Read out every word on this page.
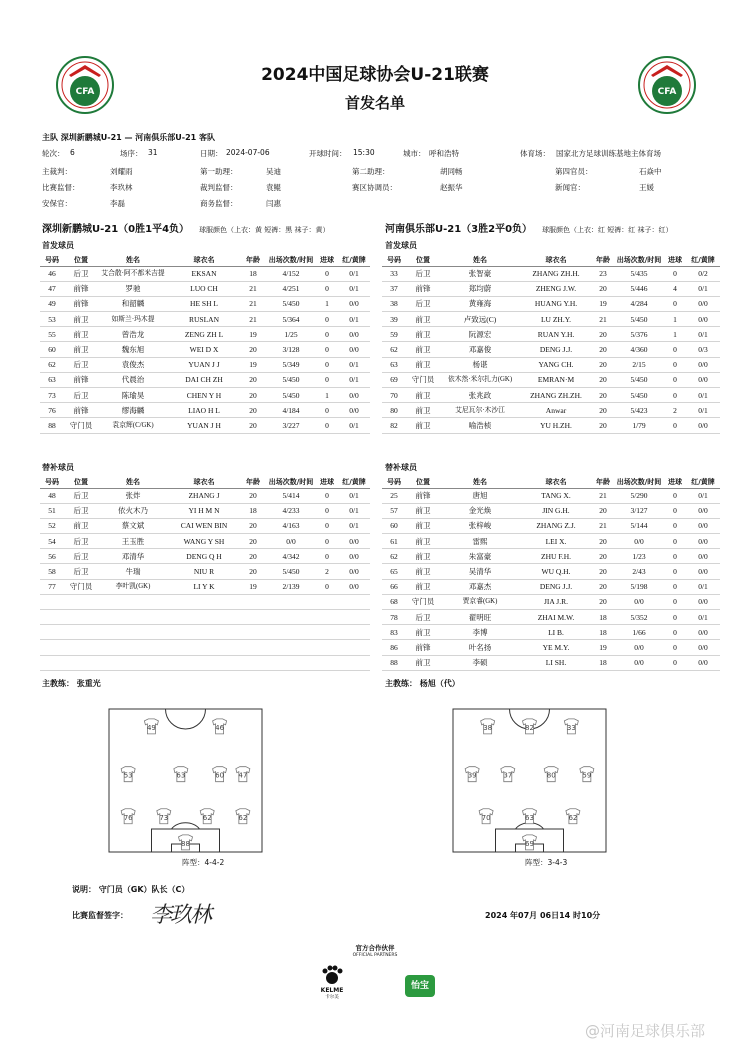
CFA	CFA
2024中国足球协会U-21联赛
首发名单
主队 深圳新鹏城U-21 — 河南俱乐部U-21 客队
轮次： 6	场序： 31	日期： 2024-07-06	开球时间： 15:30	城市： 呼和浩特	体育场： 国家北方足球训练基地主体育场
主裁判：	刘耀雨	第一助理：	吴迪	第二助理：	胡同畅	第四官员：	石焱中
比赛监督：	李玖林	裁判监督：	袁鲲	赛区协调员：	赵振华	新闻官：	王媛
安保官：	李磊	商务监督：	闫惠
深圳新鹏城U-21（0胜1平4负） 球服颜色（上衣：黄 短裤：黑 袜子：黄）	河南俱乐部U-21（3胜2平0负） 球服颜色（上衣：红 短裤：红 袜子：红）
首发球员	首发球员
号码	位置	姓名	球衣名	年龄	出场次数/时间	进球	红/黄牌
46	后卫	艾合散·阿不都米吉提	EKSAN	18	4/152	0	0/1
47	前锋	罗驰	LUO CH	21	4/251	0	0/1
49	前锋	和韶麟	HE SH L	21	5/450	1	0/0
53	前卫	如斯兰·玛木提	RUSLAN	21	5/364	0	0/1
55	前卫	曾浩龙	ZENG ZH L	19	1/25	0	0/0
60	前卫	魏东旭	WEI D X	20	3/128	0	0/0
62	后卫	袁俊杰	YUAN J J	19	5/349	0	0/1
63	前锋	代晨治	DAI CH ZH	20	5/450	0	0/1
73	后卫	陈瑜昊	CHEN Y H	20	5/450	1	0/0
76	前锋	缪海麟	LIAO H L	20	4/184	0	0/0
88	守门员	袁京辉(C/GK)	YUAN J H	20	3/227	0	0/1
号码	位置	姓名	球衣名	年龄	出场次数/时间	进球	红/黄牌
33	后卫	张智豪	ZHANG ZH.H.	23	5/435	0	0/2
37	前锋	郑均蔚	ZHENG J.W.	20	5/446	4	0/1
38	后卫	黄雍海	HUANG Y.H.	19	4/284	0	0/0
39	前卫	卢致远(C)	LU ZH.Y.	21	5/450	1	0/0
59	前卫	阮源宏	RUAN Y.H.	20	5/376	1	0/1
62	前卫	邓嘉俊	DENG J.J.	20	4/360	0	0/3
63	前卫	杨谌	YANG CH.	20	2/15	0	0/0
69	守门员	依木然·米尔扎力(GK)	EMRAN·M	20	5/450	0	0/0
70	前卫	张兆政	ZHANG ZH.ZH.	20	5/450	0	0/1
80	前卫	艾尼瓦尔·木沙江	Anwar	20	5/423	2	0/1
82	前卫	喻浩桢	YU H.ZH.	20	1/79	0	0/0
替补球员	替补球员
号码	位置	姓名	球衣名	年龄	出场次数/时间	进球	红/黄牌
48	后卫	张炸	ZHANG J	20	5/414	0	0/1
51	后卫	依火木乃	YI H M N	18	4/233	0	0/1
52	前卫	蔡文斌	CAI WEN BIN	20	4/163	0	0/1
54	后卫	王玉胜	WANG Y SH	20	0/0	0	0/0
56	后卫	邓清华	DENG Q H	20	4/342	0	0/0
58	后卫	牛瑞	NIU R	20	5/450	2	0/0
77	守门员	李叶凯(GK)	LI Y K	19	2/139	0	0/0

号码	位置	姓名	球衣名	年龄	出场次数/时间	进球	红/黄牌
25	前锋	唐旭	TANG X.	21	5/290	0	0/1
57	前卫	金光焕	JIN G.H.	20	3/127	0	0/0
60	前卫	张梓峻	ZHANG Z.J.	21	5/144	0	0/0
61	前卫	雷熙	LEI X.	20	0/0	0	0/0
62	前卫	朱富豪	ZHU F.H.	20	1/23	0	0/0
65	前卫	吴清华	WU Q.H.	20	2/43	0	0/0
66	前卫	邓嘉杰	DENG J.J.	20	5/198	0	0/1
68	守门员	贾京睿(GK)	JIA J.R.	20	0/0	0	0/0
78	后卫	翟明旺	ZHAI M.W.	18	5/352	0	0/1
83	前卫	李博	LI B.	18	1/66	0	0/0
86	前锋	叶名扬	YE M.Y.	19	0/0	0	0/0
88	前卫	李硕	LI SH.	18	0/0	0	0/0
主教练： 张重光	主教练： 杨旭（代）
49	46
53	63	60 47
76	73	62	62
88
38	82	33
39	37	80	59
70	63	62
69
阵型：4-4-2	阵型：3-4-3
说明： 守门员（GK）队长（C）
比赛监督签字： 李玖林	2024 年07月 06日14 时10分
官方合作伙伴
OFFICIAL PARTNERS
KELME
卡尔美
怡宝
@河南足球俱乐部
